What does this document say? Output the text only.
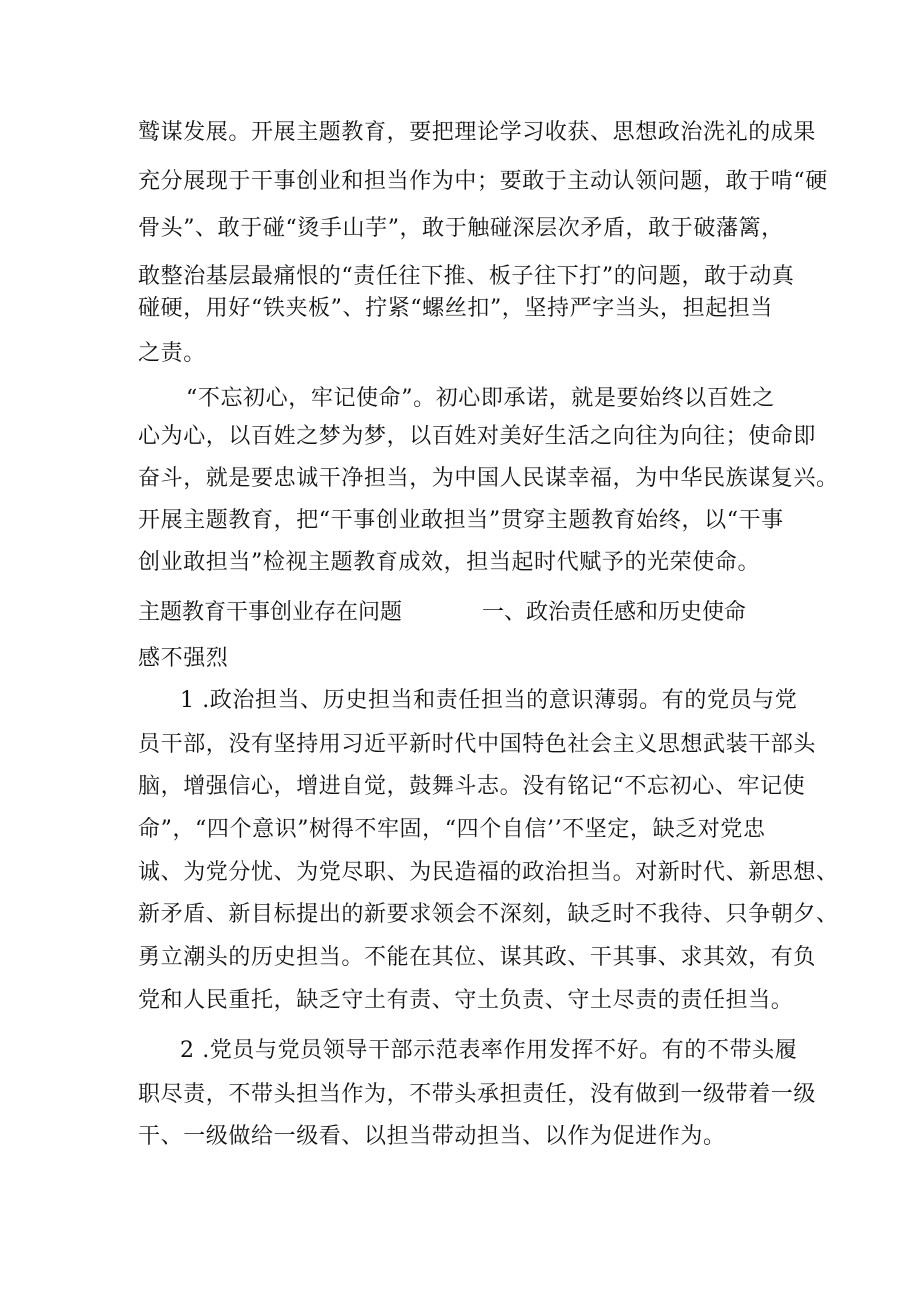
鹫谋发展。开展主题教育，要把理论学习收获、思想政治洗礼的成果
充分展现于干事创业和担当作为中；要敢于主动认领问题，敢于啃“硬
骨头”、敢于碰“烫手山芋”，敢于触碰深层次矛盾，敢于破藩篱，
敢整治基层最痛恨的“责任往下推、板子往下打”的问题，敢于动真
碰硬，用好“铁夹板”、拧紧“螺丝扣”，坚持严字当头，担起担当
之责。
“不忘初心，牢记使命”。初心即承诺，就是要始终以百姓之
心为心，以百姓之梦为梦，以百姓对美好生活之向往为向往；使命即
奋斗，就是要忠诚干净担当，为中国人民谋幸福，为中华民族谋复兴。
开展主题教育，把“干事创业敢担当”贯穿主题教育始终，以“干事
创业敢担当”检视主题教育成效，担当起时代赋予的光荣使命。
主题教育干事创业存在问题	一、政治责任感和历史使命
感不强烈
1 .政治担当、历史担当和责任担当的意识薄弱。有的党员与党
员干部，没有坚持用习近平新时代中国特色社会主义思想武装干部头
脑，增强信心，增进自觉，鼓舞斗志。没有铭记“不忘初心、牢记使
命”，“四个意识”树得不牢固，“四个自信’’不坚定，缺乏对党忠
诚、为党分忧、为党尽职、为民造福的政治担当。对新时代、新思想、
新矛盾、新目标提出的新要求领会不深刻，缺乏时不我待、只争朝夕、
勇立潮头的历史担当。不能在其位、谋其政、干其事、求其效，有负
党和人民重托，缺乏守土有责、守土负责、守土尽责的责任担当。
2 .党员与党员领导干部示范表率作用发挥不好。有的不带头履
职尽责，不带头担当作为，不带头承担责任，没有做到一级带着一级
干、一级做给一级看、以担当带动担当、以作为促进作为。
